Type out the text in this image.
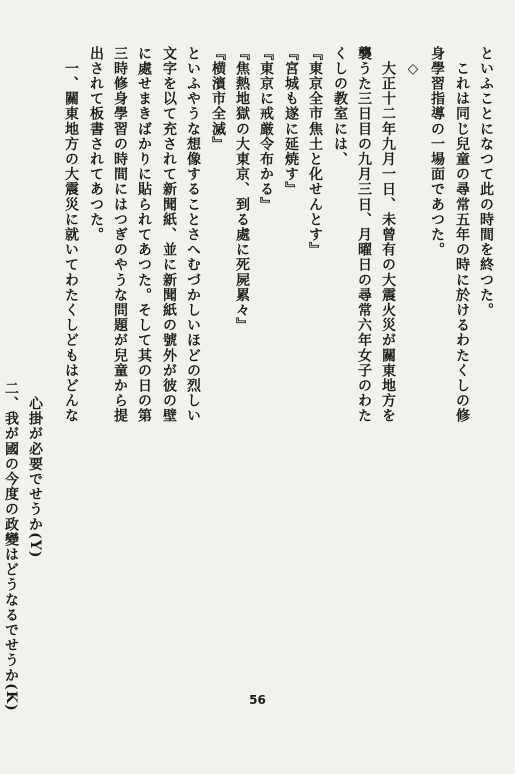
といふことになつて此の時間を終つた。
　これは同じ兒童の尋常五年の時に於けるわたくしの修
身學習指導の一場面であつた。
　◇
　大正十二年九月一日、未曾有の大震火災が關東地方を
襲うた三日目の九月三日、月曜日の尋常六年女子のわた
くしの教室には、
『東京全市焦土と化せんとす』
『宮城も遂に延焼す』
『東京に戒厳令布かる』
『焦熱地獄の大東京、到る處に死屍累々』
『横濱市全滅』
といふやうな想像することさへむづかしいほどの烈しい
文字を以て充されて新聞紙、並に新聞紙の號外が彼の壁
に處せまきばかりに貼られてあつた。そして其の日の第
三時修身學習の時間にはつぎのやうな問題が兒童から提
出されて板書されてあつた。
　一、關東地方の大震災に就いてわたくしどもはどんな
　　心掛が必要でせうか(Y)
　二、我が國の今度の政變はどうなるでせうか(K)	56
